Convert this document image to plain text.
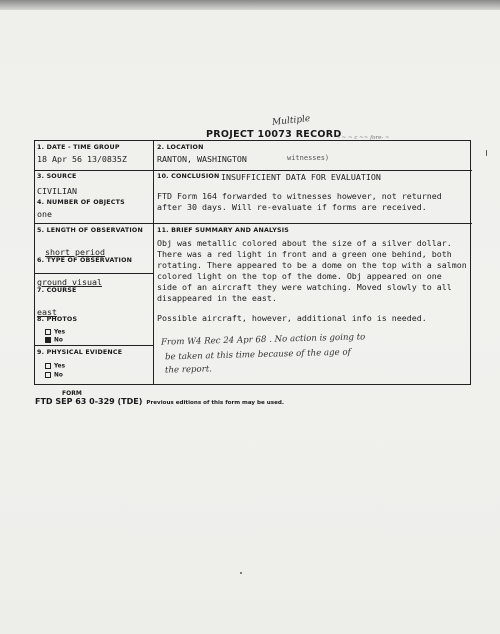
PROJECT 10073 RECORD
Multiple
- ~ ~ c ~~ fore- ~
1. DATE - TIME GROUP
18 Apr 56 13/0835Z
2. LOCATION
RANTON, WASHINGTON	witnesses)
3. SOURCE
CIVILIAN
10. CONCLUSION INSUFFICIENT DATA FOR EVALUATION
FTD Form 164 forwarded to witnesses however, not returned after 30 days. Will re-evaluate if forms are received.
4. NUMBER OF OBJECTS
one
5. LENGTH OF OBSERVATION
short period
6. TYPE OF OBSERVATION
ground visual
7. COURSE
east
8. PHOTOS
Yes
No
9. PHYSICAL EVIDENCE
Yes
No
11. BRIEF SUMMARY AND ANALYSIS
Obj was metallic colored about the size of a silver dollar.
There was a red light in front and a green one behind, both
rotating. There appeared to be a dome on the top with a salmon
colored light on the top of the dome. Obj appeared on one
side of an aircraft they were watching. Moved slowly to all
disappeared in the east.
Possible aircraft, however, additional info is needed.
From W4 Rec 24 Apr 68 . No action is going to
be taken at this time because of the age of
the report.
FORM
FTD SEP 63 0-329 (TDE) Previous editions of this form may be used.
